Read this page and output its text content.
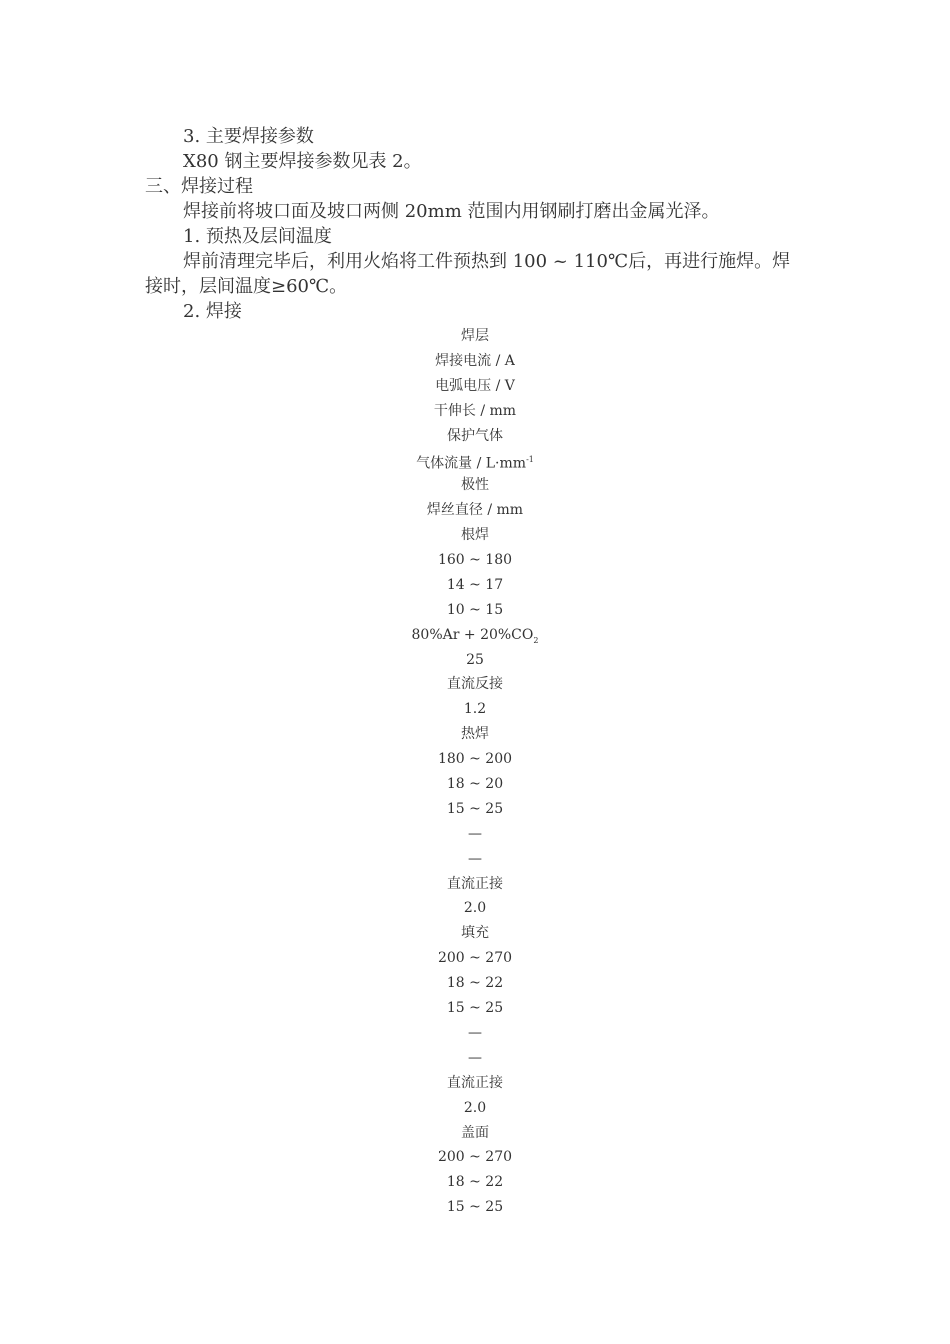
3. 主要焊接参数
X80 钢主要焊接参数见表 2。
三、焊接过程
焊接前将坡口面及坡口两侧 20mm 范围内用钢刷打磨出金属光泽。
1. 预热及层间温度
焊前清理完毕后，利用火焰将工件预热到 100 ~ 110℃后，再进行施焊。焊接时，层间温度≥60℃。
2. 焊接
焊层
焊接电流 / A
电弧电压 / V
干伸长 / mm
保护气体
气体流量 / $L\cdot mm^{-1}$
极性
焊丝直径 / mm
根焊
160 ~ 180
14 ~ 17
10 ~ 15
$80\%Ar + 20\%CO_2$
25
直流反接
1.2
热焊
180 ~ 200
18 ~ 20
15 ~ 25
—
—
直流正接
2.0
填充
200 ~ 270
18 ~ 22
15 ~ 25
—
—
直流正接
2.0
盖面
200 ~ 270
18 ~ 22
15 ~ 25
